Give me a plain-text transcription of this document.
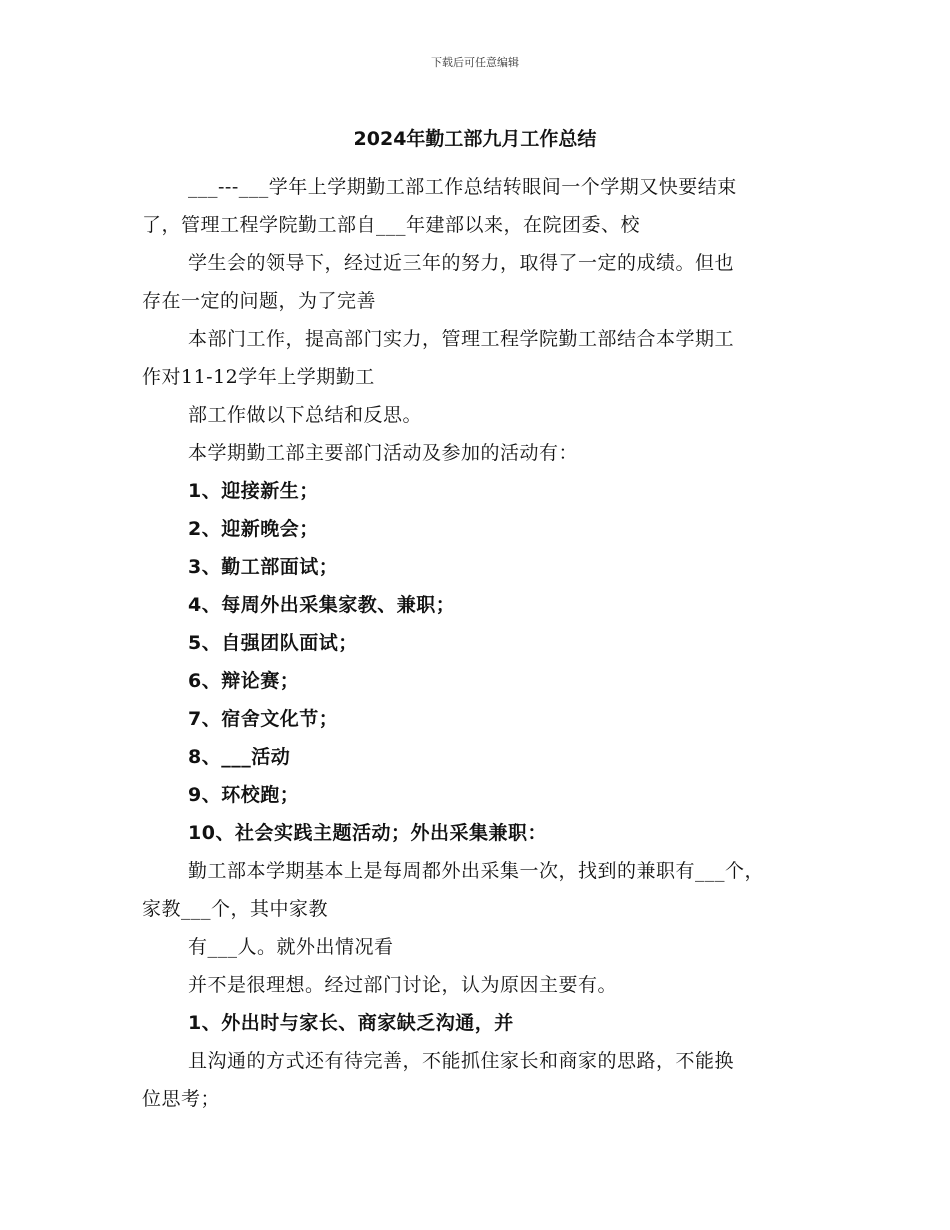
下载后可任意编辑
2024年勤工部九月工作总结
___---___学年上学期勤工部工作总结转眼间一个学期又快要结束
了，管理工程学院勤工部自___年建部以来，在院团委、校
学生会的领导下，经过近三年的努力，取得了一定的成绩。但也
存在一定的问题，为了完善
本部门工作，提高部门实力，管理工程学院勤工部结合本学期工
作对11-12学年上学期勤工
部工作做以下总结和反思。
本学期勤工部主要部门活动及参加的活动有：
1、迎接新生；
2、迎新晚会；
3、勤工部面试；
4、每周外出采集家教、兼职；
5、自强团队面试；
6、辩论赛；
7、宿舍文化节；
8、___活动
9、环校跑；
10、社会实践主题活动；外出采集兼职：
勤工部本学期基本上是每周都外出采集一次，找到的兼职有___个，
家教___个，其中家教
有___人。就外出情况看
并不是很理想。经过部门讨论，认为原因主要有。
1、外出时与家长、商家缺乏沟通，并
且沟通的方式还有待完善，不能抓住家长和商家的思路，不能换
位思考；
